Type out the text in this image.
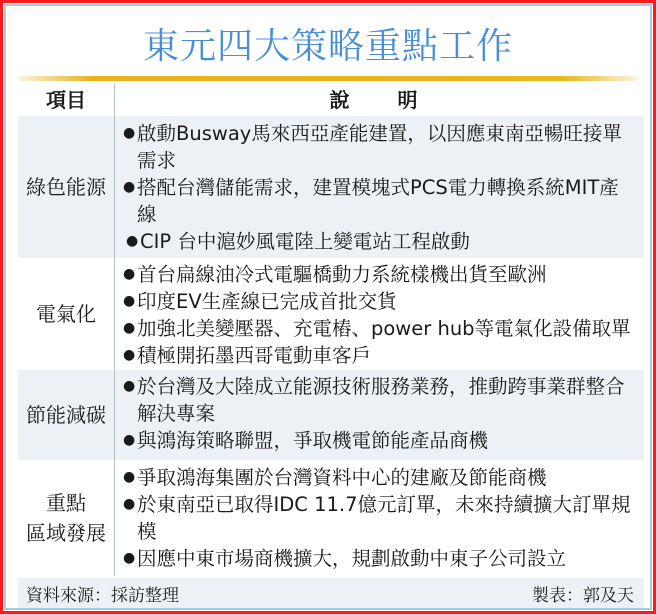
東元四大策略重點工作
項目	說　明
綠色能源
● 啟動Busway馬來西亞產能建置，以因應東南亞暢旺接單需求
● 搭配台灣儲能需求，建置模塊式PCS電力轉換系統MIT產線
● CIP 台中滬妙風電陸上變電站工程啟動
電氣化
● 首台扁線油冷式電驅橋動力系統樣機出貨至歐洲
● 印度EV生產線已完成首批交貨
● 加強北美變壓器、充電樁、power hub等電氣化設備取單
● 積極開拓墨西哥電動車客戶
節能減碳
● 於台灣及大陸成立能源技術服務業務，推動跨事業群整合解決專案
● 與鴻海策略聯盟，爭取機電節能產品商機
重點
區域發展
● 爭取鴻海集團於台灣資料中心的建廠及節能商機
● 於東南亞已取得IDC 11.7億元訂單，未來持續擴大訂單規模
● 因應中東市場商機擴大，規劃啟動中東子公司設立
資料來源：採訪整理	製表：郭及天
